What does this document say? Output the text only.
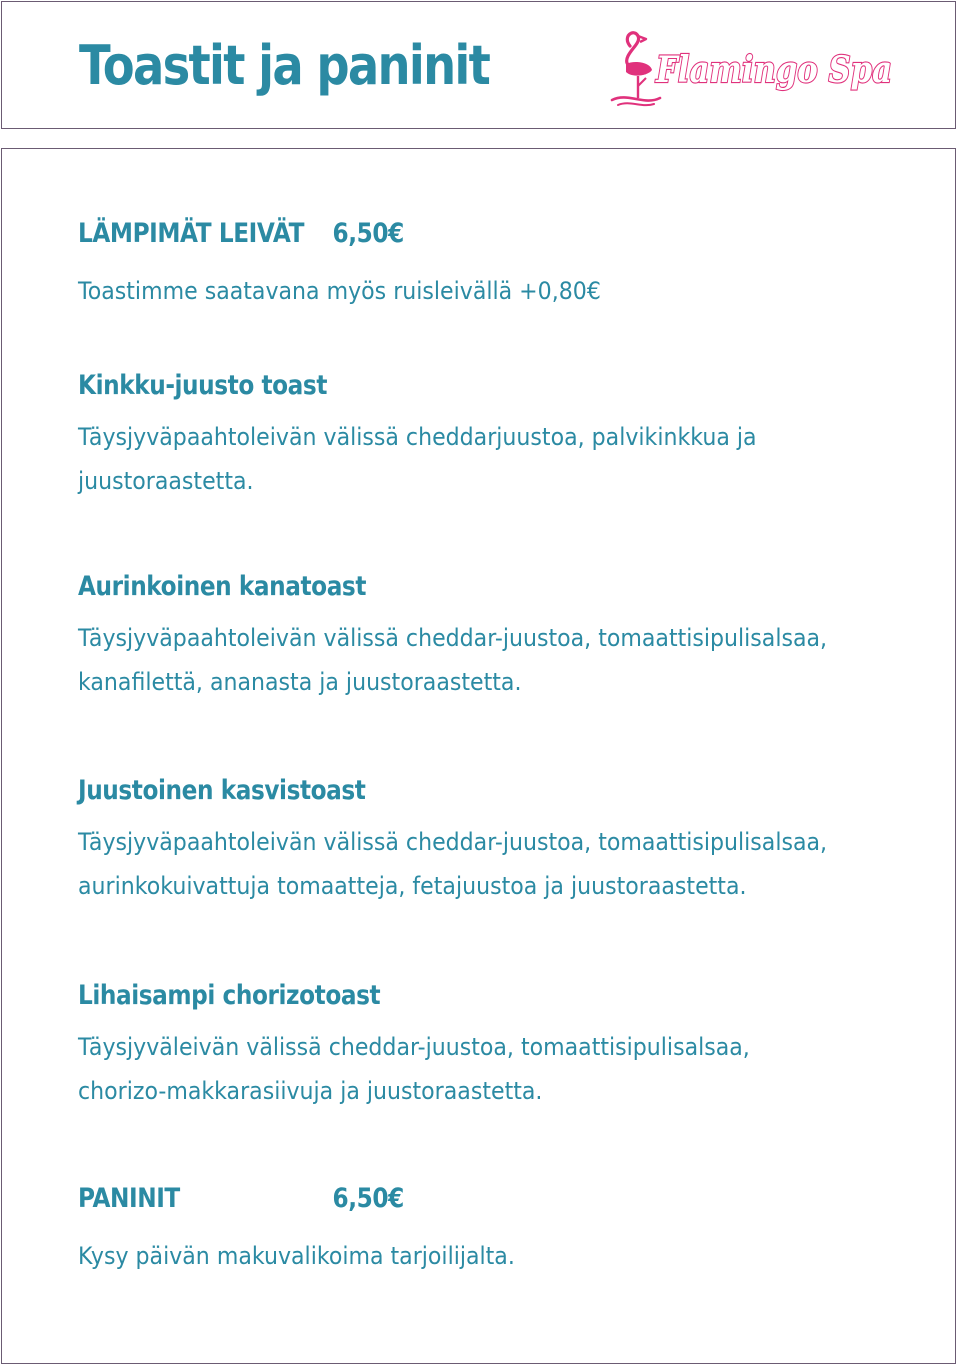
Toastit ja paninit	Flamingo Spa
LÄMPIMÄT LEIVÄT 6,50€
Toastimme saatavana myös ruisleivällä +0,80€
Kinkku-juusto toast
Täysjyväpaahtoleivän välissä cheddarjuustoa, palvikinkkua ja
juustoraastetta.
Aurinkoinen kanatoast
Täysjyväpaahtoleivän välissä cheddar-juustoa, tomaattisipulisalsaa,
kanafilettä, ananasta ja juustoraastetta.
Juustoinen kasvistoast
Täysjyväpaahtoleivän välissä cheddar-juustoa, tomaattisipulisalsaa,
aurinkokuivattuja tomaatteja, fetajuustoa ja juustoraastetta.
Lihaisampi chorizotoast
Täysjyväleivän välissä cheddar-juustoa, tomaattisipulisalsaa,
chorizo-makkarasiivuja ja juustoraastetta.
PANINIT	6,50€
Kysy päivän makuvalikoima tarjoilijalta.
